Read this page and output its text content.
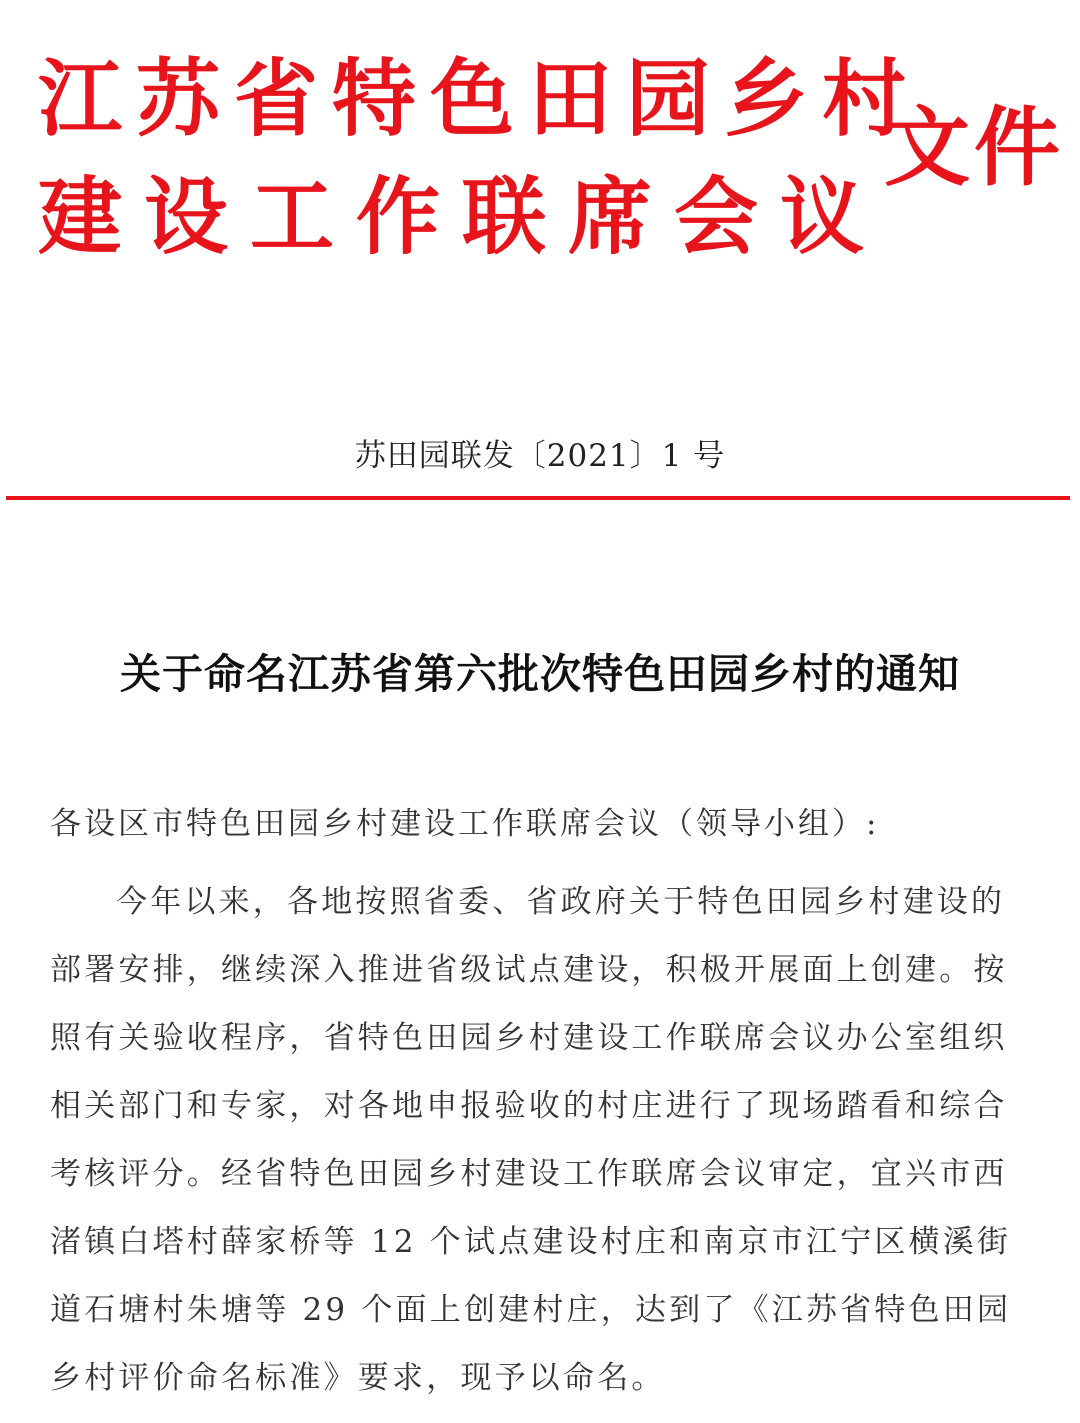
江苏省特色田园乡村
建设工作联席会议
文件
苏田园联发〔2021〕1 号
关于命名江苏省第六批次特色田园乡村的通知
各设区市特色田园乡村建设工作联席会议（领导小组）:
今年以来，各地按照省委、省政府关于特色田园乡村建设的
部署安排，继续深入推进省级试点建设，积极开展面上创建。按
照有关验收程序，省特色田园乡村建设工作联席会议办公室组织
相关部门和专家，对各地申报验收的村庄进行了现场踏看和综合
考核评分。经省特色田园乡村建设工作联席会议审定，宜兴市西
渚镇白塔村薛家桥等 12 个试点建设村庄和南京市江宁区横溪街
道石塘村朱塘等 29 个面上创建村庄，达到了《江苏省特色田园
乡村评价命名标准》要求，现予以命名。
